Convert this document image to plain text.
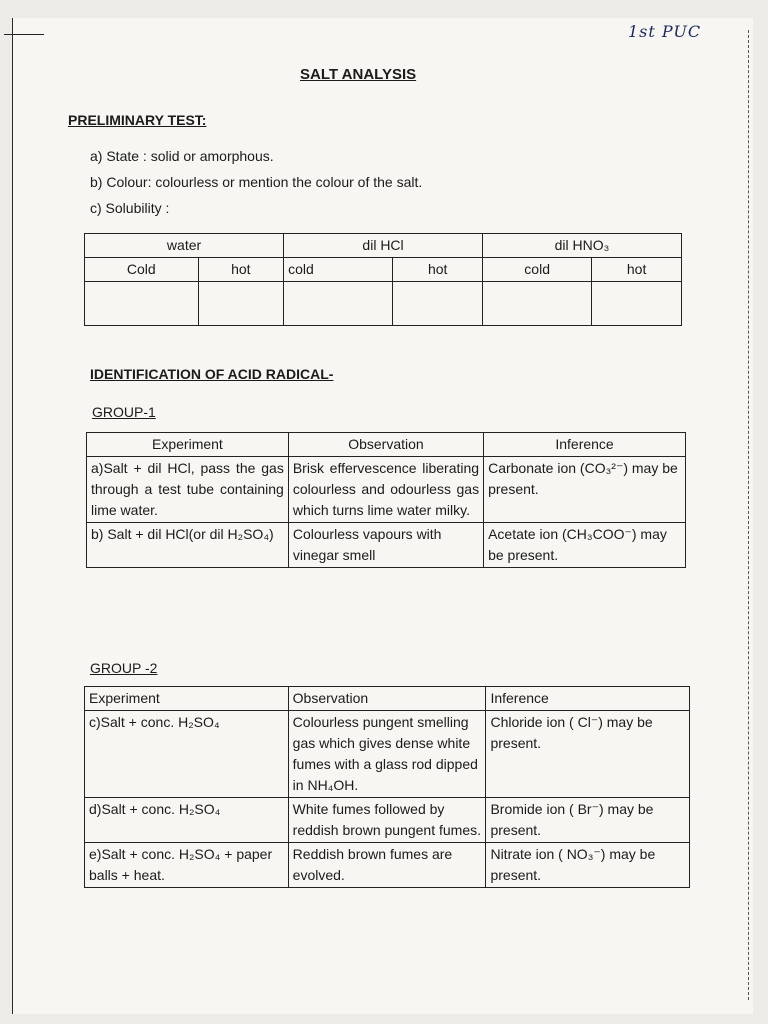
1st PUC
SALT ANALYSIS
PRELIMINARY TEST:
a) State : solid or amorphous.
b) Colour: colourless or mention the colour of the salt.
c) Solubility :
water		dil HCl		dil HNO₃	
Cold	hot	cold	hot	cold	hot

IDENTIFICATION OF ACID RADICAL-
GROUP-1
Experiment	Observation	Inference
a)Salt + dil HCl, pass the gas through a test tube containing lime water.	Brisk effervescence liberating colourless and odourless gas which turns lime water milky.	Carbonate ion (CO₃²⁻) may be present.
b) Salt + dil HCl(or dil H₂SO₄)	Colourless vapours with vinegar smell	Acetate ion (CH₃COO⁻) may be present.
GROUP -2
Experiment	Observation	Inference
c)Salt + conc. H₂SO₄	Colourless pungent smelling gas which gives dense white fumes with a glass rod dipped in NH₄OH.	Chloride ion ( Cl⁻) may be present.
d)Salt + conc. H₂SO₄	White fumes followed by reddish brown pungent fumes.	Bromide ion ( Br⁻) may be present.
e)Salt + conc. H₂SO₄ + paper balls + heat.	Reddish brown fumes are evolved.	Nitrate ion ( NO₃⁻) may be present.
